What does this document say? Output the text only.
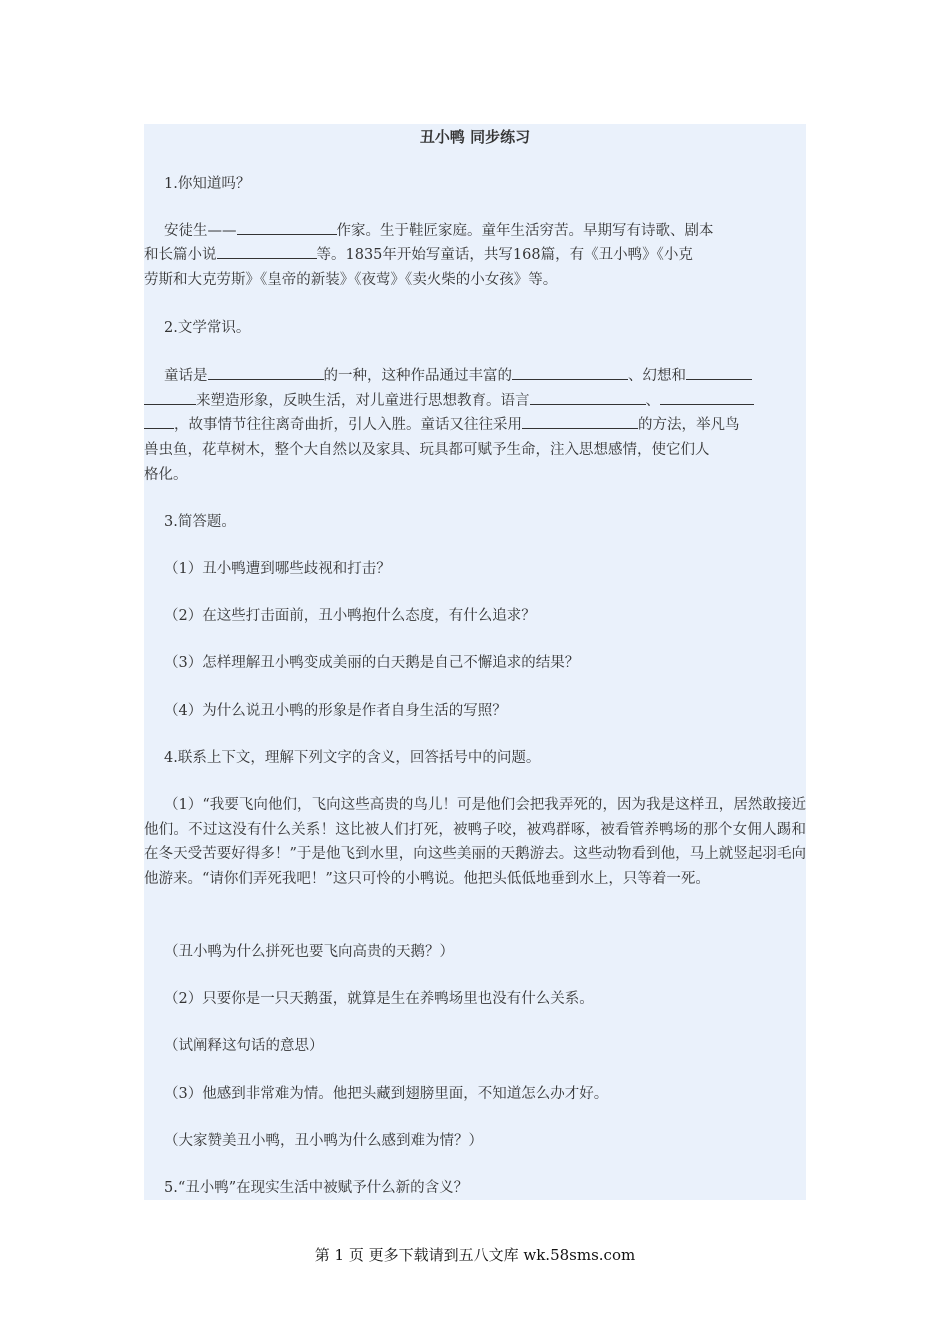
丑小鸭 同步练习
1.你知道吗？
安徒生——	作家。生于鞋匠家庭。童年生活穷苦。早期写有诗歌、剧本
和长篇小说	等。1835年开始写童话，共写168篇，有《丑小鸭》《小克
劳斯和大克劳斯》《皇帝的新装》《夜莺》《卖火柴的小女孩》等。
2.文学常识。
童话是	的一种，这种作品通过丰富的	、幻想和
来塑造形象，反映生活，对儿童进行思想教育。语言	、
，故事情节往往离奇曲折，引人入胜。童话又往往采用	的方法，举凡鸟
兽虫鱼，花草树木，整个大自然以及家具、玩具都可赋予生命，注入思想感情，使它们人
格化。
3.简答题。
（1）丑小鸭遭到哪些歧视和打击？
（2）在这些打击面前，丑小鸭抱什么态度，有什么追求？
（3）怎样理解丑小鸭变成美丽的白天鹅是自己不懈追求的结果？
（4）为什么说丑小鸭的形象是作者自身生活的写照？
4.联系上下文，理解下列文字的含义，回答括号中的问题。
（1）“我要飞向他们，飞向这些高贵的鸟儿！可是他们会把我弄死的，因为我是这样丑，居然敢接近他们。不过这没有什么关系！这比被人们打死，被鸭子咬，被鸡群啄，被看管养鸭场的那个女佣人踢和在冬天受苦要好得多！”于是他飞到水里，向这些美丽的天鹅游去。这些动物看到他，马上就竖起羽毛向他游来。“请你们弄死我吧！”这只可怜的小鸭说。他把头低低地垂到水上，只等着一死。
（丑小鸭为什么拼死也要飞向高贵的天鹅？）
（2）只要你是一只天鹅蛋，就算是生在养鸭场里也没有什么关系。
（试阐释这句话的意思）
（3）他感到非常难为情。他把头藏到翅膀里面，不知道怎么办才好。
（大家赞美丑小鸭，丑小鸭为什么感到难为情？）
5.“丑小鸭”在现实生活中被赋予什么新的含义？
第 1 页 更多下载请到五八文库 wk.58sms.com
